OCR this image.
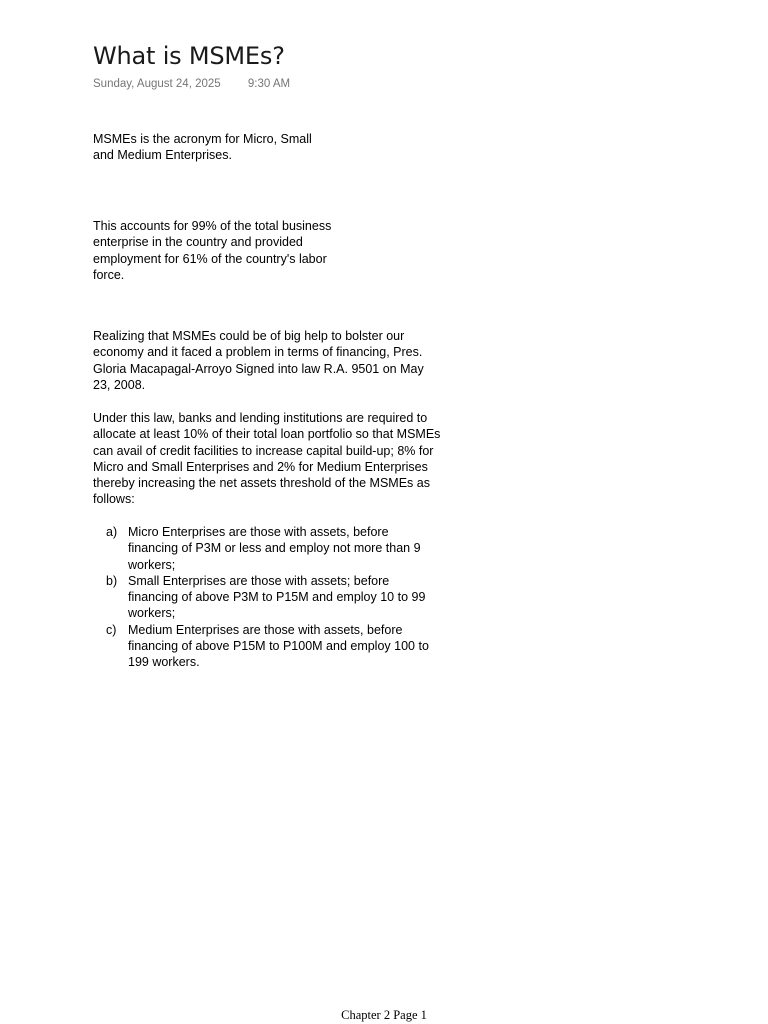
What is MSMEs?
Sunday, August 24, 2025 9:30 AM
MSMEs is the acronym for Micro, Small and Medium Enterprises.
This accounts for 99% of the total business enterprise in the country and provided employment for 61% of the country's labor force.
Realizing that MSMEs could be of big help to bolster our economy and it faced a problem in terms of financing, Pres. Gloria Macapagal-Arroyo Signed into law R.A. 9501 on May 23, 2008.
Under this law, banks and lending institutions are required to allocate at least 10% of their total loan portfolio so that MSMEs can avail of credit facilities to increase capital build-up; 8% for Micro and Small Enterprises and 2% for Medium Enterprises thereby increasing the net assets threshold of the MSMEs as follows:
a) Micro Enterprises are those with assets, before financing of P3M or less and employ not more than 9 workers;
b) Small Enterprises are those with assets; before financing of above P3M to P15M and employ 10 to 99 workers;
c) Medium Enterprises are those with assets, before financing of above P15M to P100M and employ 100 to 199 workers.
Chapter 2 Page 1
